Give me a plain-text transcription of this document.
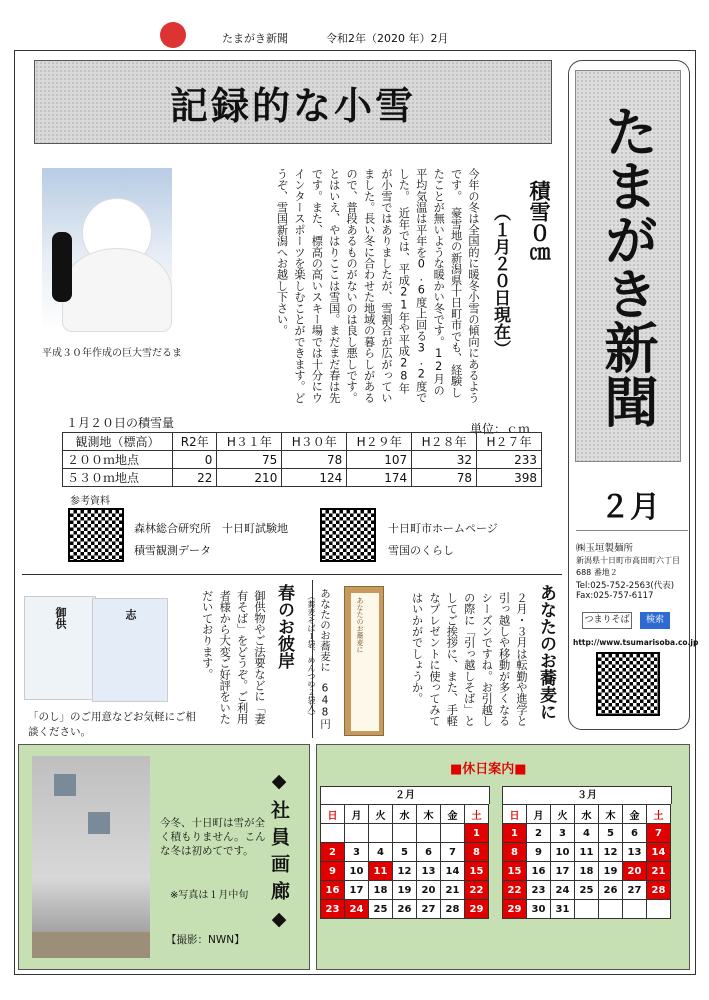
たまがき新聞	令和2年（2020 年）2月
記録的な小雪
平成３０年作成の巨大雪だるま	今年の冬は全国的に暖冬小雪の傾向にあるようです。　豪雪地の新潟県十日町市でも、経験したことが無いような暖かい冬です。12月の平均気温は平年を0.6度上回る3.2度でした。　近年では、平成21年や平成28年が小雪ではありましたが、雪割合が広がっていました。長い冬に合わせた地域の暮らしがあるので、普段あるものがないのは良し悪しです。　とはいえ、やはりここは雪国。まだまだ春は先です。また、標高の高いスキー場では十分にウインタースポーツを楽しむことができます。どうぞ、雪国新潟へお越し下さい。	積雪０㎝
（１月２０日現在）
１月２０日の積雪量	単位：ｃｍ
観測地（標高）	R2年	H３１年	H３０年	H２９年	H２８年	H２７年
２００ｍ地点	0	75	78	107	32	233
５３０ｍ地点	22	210	124	174	78	398
参考資料
森林総合研究所　十日町試験地
積雪観測データ
十日町市ホームページ
雪国のくらし
たまがき新聞
２月
㈱玉垣製麺所
新潟県十日町市高田町六丁目
688 番地２
Tel:025-752-2563(代表)
Fax:025-757-6117
つまりそば	検索
http://www.tsumarisoba.co.jp
御供	志
「のし」のご用意などお気軽にご相談ください。
春のお彼岸
御供物やご法要などに「妻有そば」をどうぞ。ご利用者様から大変ご好評をいただいております。	あなたのお蕎麦に
あなたのお蕎麦に　648円
（蕎麦そば１袋、めんつゆ２袋入）	あなたのお蕎麦に
２月・３月は転勤や進学と引っ越しや移動が多くなるシーズンですね。お引越しの際に「引っ越しそば」としてご挨拶に、また、手軽なプレゼントに使ってみてはいかがでしょうか。
今冬、十日町は雪が全く積もりません。こんな冬は初めてです。
※写真は１月中旬
【撮影：NWN】
◆社員画廊◆
■休日案内■
２月
日	月	火	水	木	金	土
						1
2	3	4	5	6	7	8
9	10	11	12	13	14	15
16	17	18	19	20	21	22
23	24	25	26	27	28	29
３月
日	月	火	水	木	金	土
1	2	3	4	5	6	7
8	9	10	11	12	13	14
15	16	17	18	19	20	21
22	23	24	25	26	27	28
29	30	31				
